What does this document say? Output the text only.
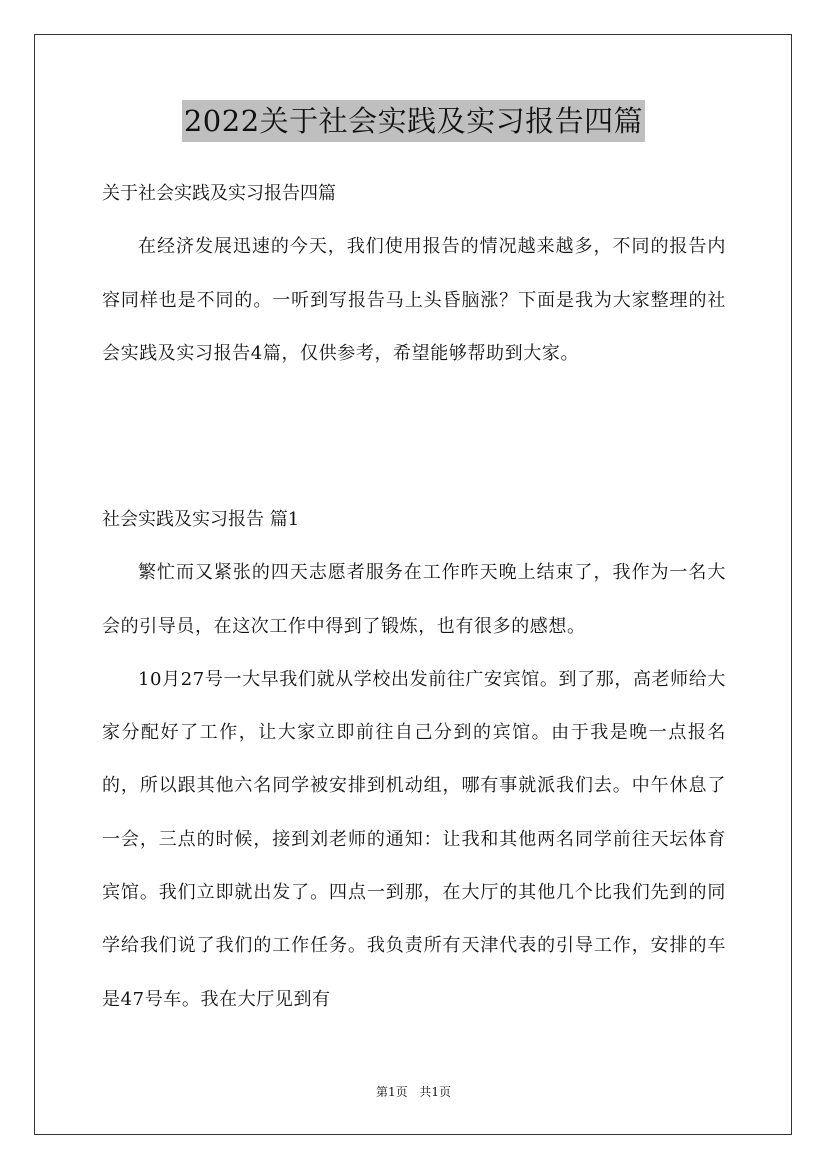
2022关于社会实践及实习报告四篇

关于社会实践及实习报告四篇

在经济发展迅速的今天，我们使用报告的情况越来越多，不同的报告内容同样也是不同的。一听到写报告马上头昏脑涨？下面是我为大家整理的社会实践及实习报告4篇，仅供参考，希望能够帮助到大家。

社会实践及实习报告 篇1

繁忙而又紧张的四天志愿者服务在工作昨天晚上结束了，我作为一名大会的引导员，在这次工作中得到了锻炼，也有很多的感想。

10月27号一大早我们就从学校出发前往广安宾馆。到了那，高老师给大家分配好了工作，让大家立即前往自己分到的宾馆。由于我是晚一点报名的，所以跟其他六名同学被安排到机动组，哪有事就派我们去。中午休息了一会，三点的时候，接到刘老师的通知：让我和其他两名同学前往天坛体育宾馆。我们立即就出发了。四点一到那，在大厅的其他几个比我们先到的同学给我们说了我们的工作任务。我负责所有天津代表的引导工作，安排的车是47号车。我在大厅见到有

第1页 共1页
